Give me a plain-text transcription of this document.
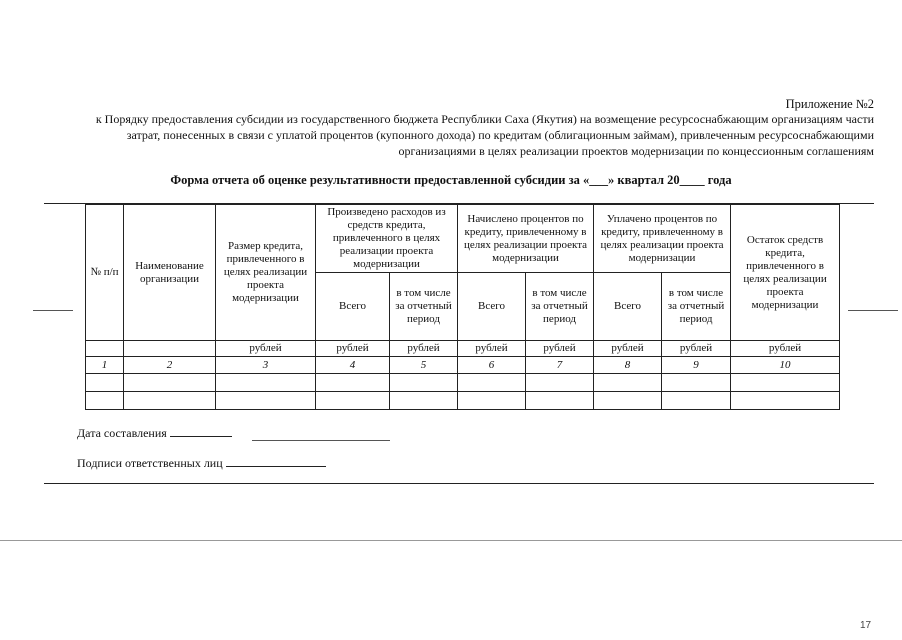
Приложение №2
к Порядку предоставления субсидии из государственного бюджета Республики Саха (Якутия) на возмещение ресурсоснабжающим организациям части затрат, понесенных в связи с уплатой процентов (купонного дохода) по кредитам (облигационным займам), привлеченным ресурсоснабжающими организациями в целях реализации проектов модернизации по концессионным соглашениям
Форма отчета об оценке результативности предоставленной субсидии за «___» квартал 20____ года
№ п/п	Наименование организации	Размер кредита, привлеченного в целях реализации проекта модернизации	Произведено расходов из средств кредита, привлеченного в целях реализации проекта модернизации		Начислено процентов по кредиту, привлеченному в целях реализации проекта модернизации		Уплачено процентов по кредиту, привлеченному в целях реализации проекта модернизации		Остаток средств кредита, привлеченного в целях реализации проекта модернизации
			Всего	в том числе за отчетный период	Всего	в том числе за отчетный период	Всего	в том числе за отчетный период	
		рублей	рублей	рублей	рублей	рублей	рублей	рублей	рублей
1	2	3	4	5	6	7	8	9	10

Дата составления
Подписи ответственных лиц
17
